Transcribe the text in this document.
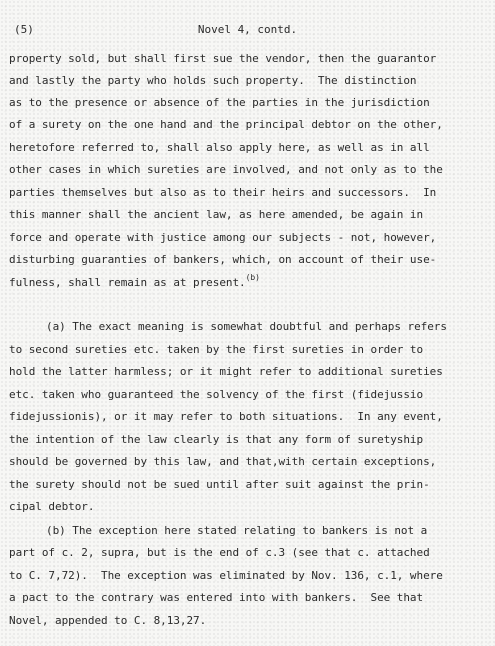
(5)	Novel 4, contd.
property sold, but shall first sue the vendor, then the guarantor
and lastly the party who holds such property.  The distinction
as to the presence or absence of the parties in the jurisdiction
of a surety on the one hand and the principal debtor on the other,
heretofore referred to, shall also apply here, as well as in all
other cases in which sureties are involved, and not only as to the
parties themselves but also as to their heirs and successors.  In
this manner shall the ancient law, as here amended, be again in
force and operate with justice among our subjects - not, however,
disturbing guaranties of bankers, which, on account of their use-
fulness, shall remain as at present.$^{(b)}$
(a) The exact meaning is somewhat doubtful and perhaps refers
to second sureties etc. taken by the first sureties in order to
hold the latter harmless; or it might refer to additional sureties
etc. taken who guaranteed the solvency of the first (fidejussio
fidejussionis), or it may refer to both situations.  In any event,
the intention of the law clearly is that any form of suretyship
should be governed by this law, and that,with certain exceptions,
the surety should not be sued until after suit against the prin-
cipal debtor.
(b) The exception here stated relating to bankers is not a
part of c. 2, supra, but is the end of c.3 (see that c. attached
to C. 7,72).  The exception was eliminated by Nov. 136, c.1, where
a pact to the contrary was entered into with bankers.  See that
Novel, appended to C. 8,13,27.
